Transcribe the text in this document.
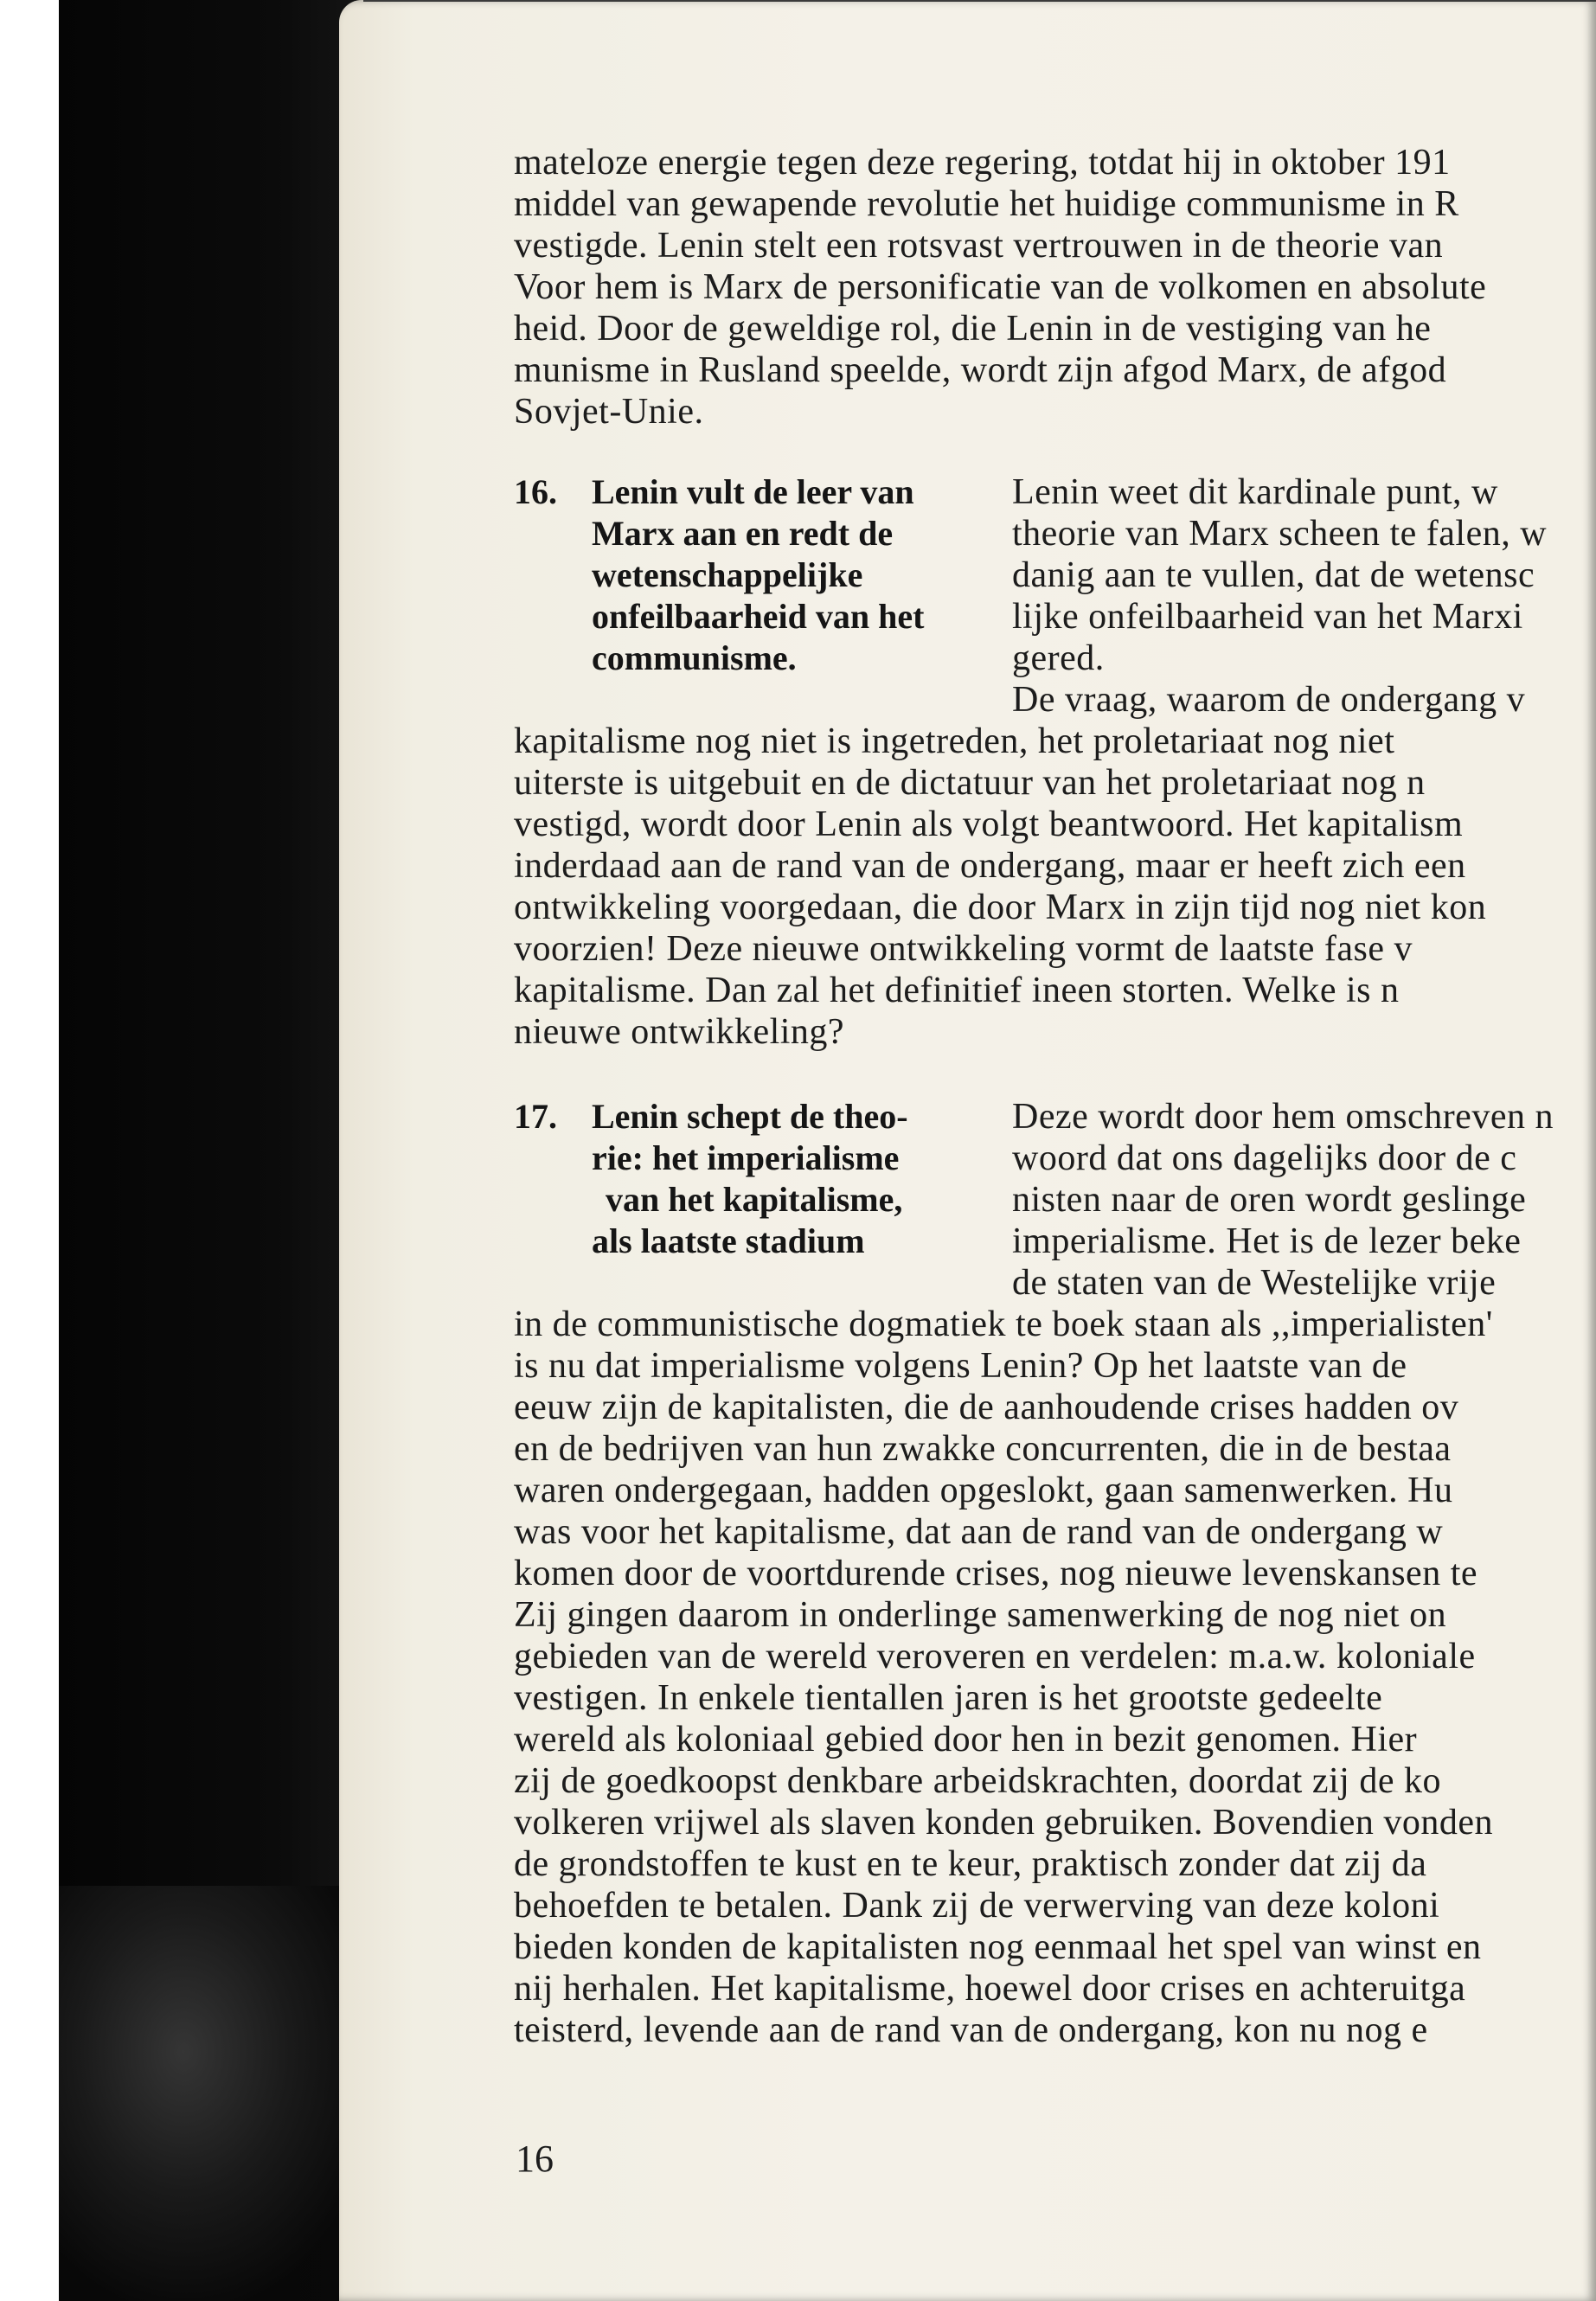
mateloze energie tegen deze regering, totdat hij in oktober 191
middel van gewapende revolutie het huidige communisme in R
vestigde. Lenin stelt een rotsvast vertrouwen in de theorie van
Voor hem is Marx de personificatie van de volkomen en absolute
heid. Door de geweldige rol, die Lenin in de vestiging van he
munisme in Rusland speelde, wordt zijn afgod Marx, de afgod
Sovjet-Unie.
16. Lenin vult de leer van
Marx aan en redt de
wetenschappelijke
onfeilbaarheid van het
communisme.
Lenin weet dit kardinale punt, w
theorie van Marx scheen te falen, w
danig aan te vullen, dat de wetensc
lijke onfeilbaarheid van het Marxi
gered.
De vraag, waarom de ondergang v
kapitalisme nog niet is ingetreden, het proletariaat nog niet
uiterste is uitgebuit en de dictatuur van het proletariaat nog n
vestigd, wordt door Lenin als volgt beantwoord. Het kapitalism
inderdaad aan de rand van de ondergang, maar er heeft zich een
ontwikkeling voorgedaan, die door Marx in zijn tijd nog niet kon
voorzien! Deze nieuwe ontwikkeling vormt de laatste fase v
kapitalisme. Dan zal het definitief ineen storten. Welke is n
nieuwe ontwikkeling?
17. Lenin schept de theo-
rie: het imperialisme
van het kapitalisme,
als laatste stadium
Deze wordt door hem omschreven n
woord dat ons dagelijks door de c
nisten naar de oren wordt geslinge
imperialisme. Het is de lezer beke
de staten van de Westelijke vrije
in de communistische dogmatiek te boek staan als ,,imperialisten'
is nu dat imperialisme volgens Lenin? Op het laatste van de
eeuw zijn de kapitalisten, die de aanhoudende crises hadden ov
en de bedrijven van hun zwakke concurrenten, die in de bestaa
waren ondergegaan, hadden opgeslokt, gaan samenwerken. Hu
was voor het kapitalisme, dat aan de rand van de ondergang w
komen door de voortdurende crises, nog nieuwe levenskansen te
Zij gingen daarom in onderlinge samenwerking de nog niet on
gebieden van de wereld veroveren en verdelen: m.a.w. koloniale
vestigen. In enkele tientallen jaren is het grootste gedeelte
wereld als koloniaal gebied door hen in bezit genomen. Hier
zij de goedkoopst denkbare arbeidskrachten, doordat zij de ko
volkeren vrijwel als slaven konden gebruiken. Bovendien vonden
de grondstoffen te kust en te keur, praktisch zonder dat zij da
behoefden te betalen. Dank zij de verwerving van deze koloni
bieden konden de kapitalisten nog eenmaal het spel van winst en
nij herhalen. Het kapitalisme, hoewel door crises en achteruitga
teisterd, levende aan de rand van de ondergang, kon nu nog e
16
